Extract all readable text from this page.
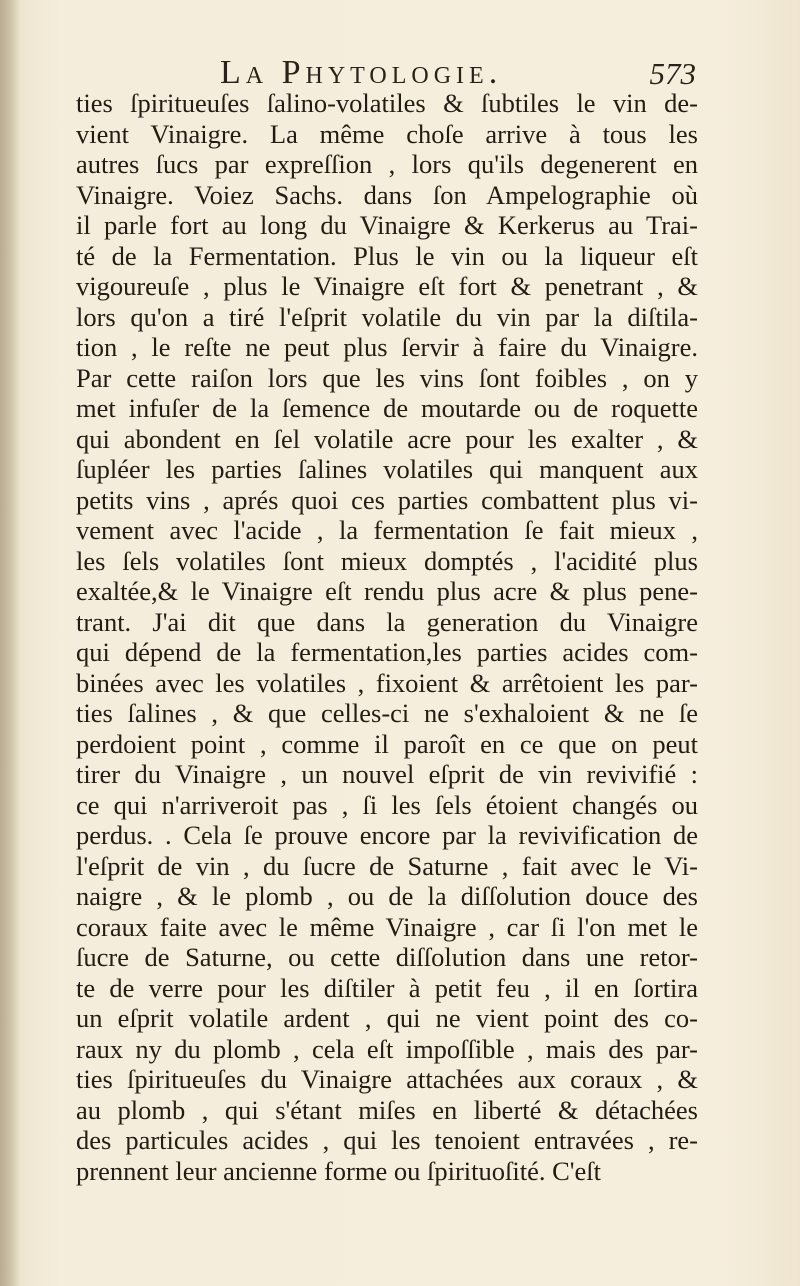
La Phytologie.	573
ties ſpiritueuſes ſalino-volatiles & ſubtiles le vin de-
vient Vinaigre. La même choſe arrive à tous les
autres ſucs par expreſſion , lors qu'ils degenerent en
Vinaigre. Voiez Sachs. dans ſon Ampelographie où
il parle fort au long du Vinaigre & Kerkerus au Trai-
té de la Fermentation. Plus le vin ou la liqueur eſt
vigoureuſe , plus le Vinaigre eſt fort & penetrant , &
lors qu'on a tiré l'eſprit volatile du vin par la diſtila-
tion , le reſte ne peut plus ſervir à faire du Vinaigre.
Par cette raiſon lors que les vins ſont foibles , on y
met infuſer de la ſemence de moutarde ou de roquette
qui abondent en ſel volatile acre pour les exalter , &
ſupléer les parties ſalines volatiles qui manquent aux
petits vins , aprés quoi ces parties combattent plus vi-
vement avec l'acide , la fermentation ſe fait mieux ,
les ſels volatiles ſont mieux domptés , l'acidité plus
exaltée,& le Vinaigre eſt rendu plus acre & plus pene-
trant. J'ai dit que dans la generation du Vinaigre
qui dépend de la fermentation,les parties acides com-
binées avec les volatiles , fixoient & arrêtoient les par-
ties ſalines , & que celles-ci ne s'exhaloient & ne ſe
perdoient point , comme il paroît en ce que on peut
tirer du Vinaigre , un nouvel eſprit de vin revivifié :
ce qui n'arriveroit pas , ſi les ſels étoient changés ou
perdus. . Cela ſe prouve encore par la revivification de
l'eſprit de vin , du ſucre de Saturne , fait avec le Vi-
naigre , & le plomb , ou de la diſſolution douce des
coraux faite avec le même Vinaigre , car ſi l'on met le
ſucre de Saturne, ou cette diſſolution dans une retor-
te de verre pour les diſtiler à petit feu , il en ſortira
un eſprit volatile ardent , qui ne vient point des co-
raux ny du plomb , cela eſt impoſſible , mais des par-
ties ſpiritueuſes du Vinaigre attachées aux coraux , &
au plomb , qui s'étant miſes en liberté & détachées
des particules acides , qui les tenoient entravées , re-
prennent leur ancienne forme ou ſpirituoſité. C'eſt
